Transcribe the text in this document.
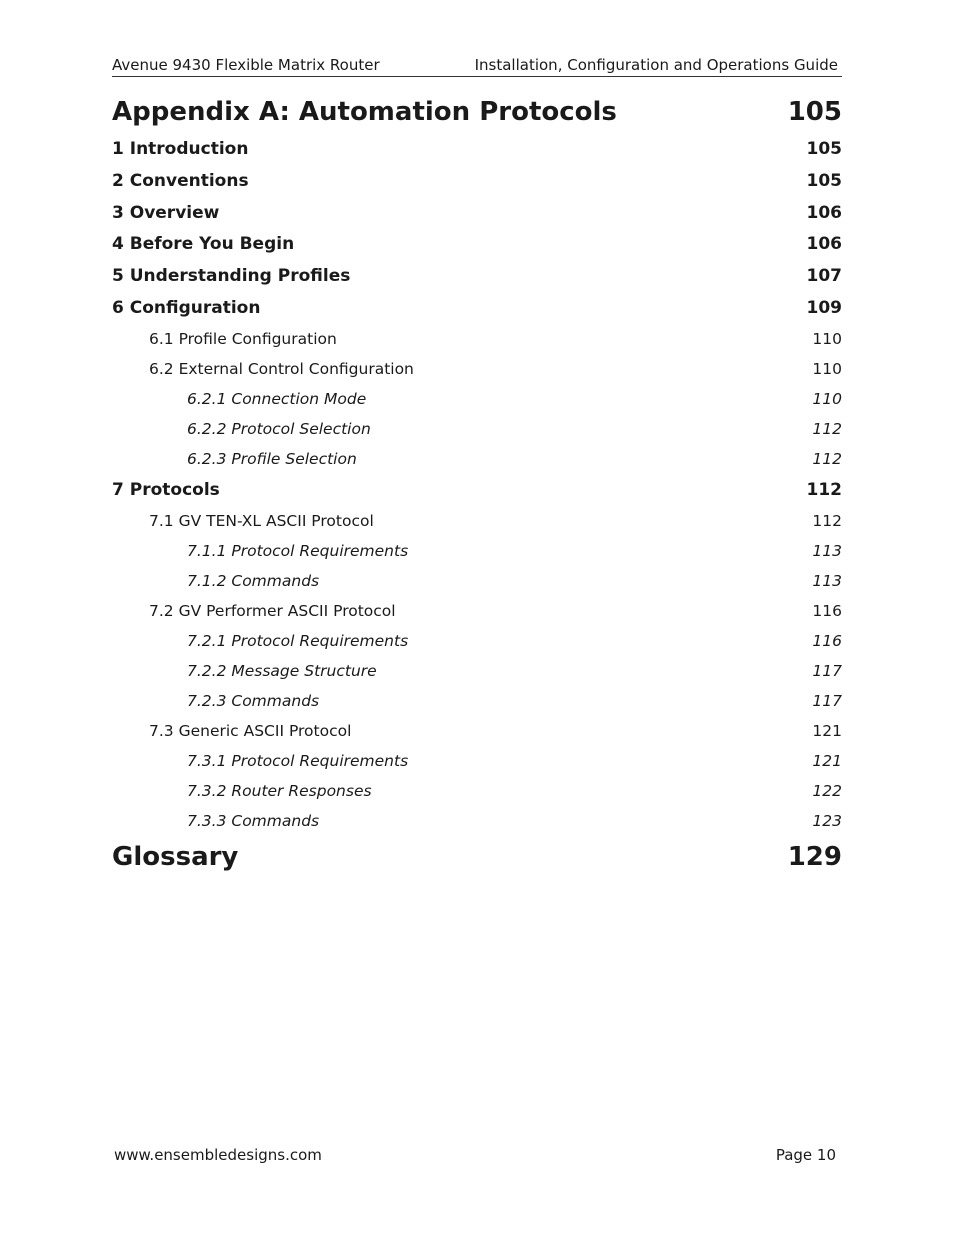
Avenue 9430 Flexible Matrix Router	Installation, Configuration and Operations Guide
Appendix A: Automation Protocols	105
1 Introduction	105
2 Conventions	105
3 Overview	106
4 Before You Begin	106
5 Understanding Profiles	107
6 Configuration	109
6.1 Profile Configuration	110
6.2 External Control Configuration	110
6.2.1 Connection Mode	110
6.2.2 Protocol Selection	112
6.2.3 Profile Selection	112
7 Protocols	112
7.1 GV TEN-XL ASCII Protocol	112
7.1.1 Protocol Requirements	113
7.1.2 Commands	113
7.2 GV Performer ASCII Protocol	116
7.2.1 Protocol Requirements	116
7.2.2 Message Structure	117
7.2.3 Commands	117
7.3 Generic ASCII Protocol	121
7.3.1 Protocol Requirements	121
7.3.2 Router Responses	122
7.3.3 Commands	123
Glossary	129
www.ensembledesigns.com	Page 10
